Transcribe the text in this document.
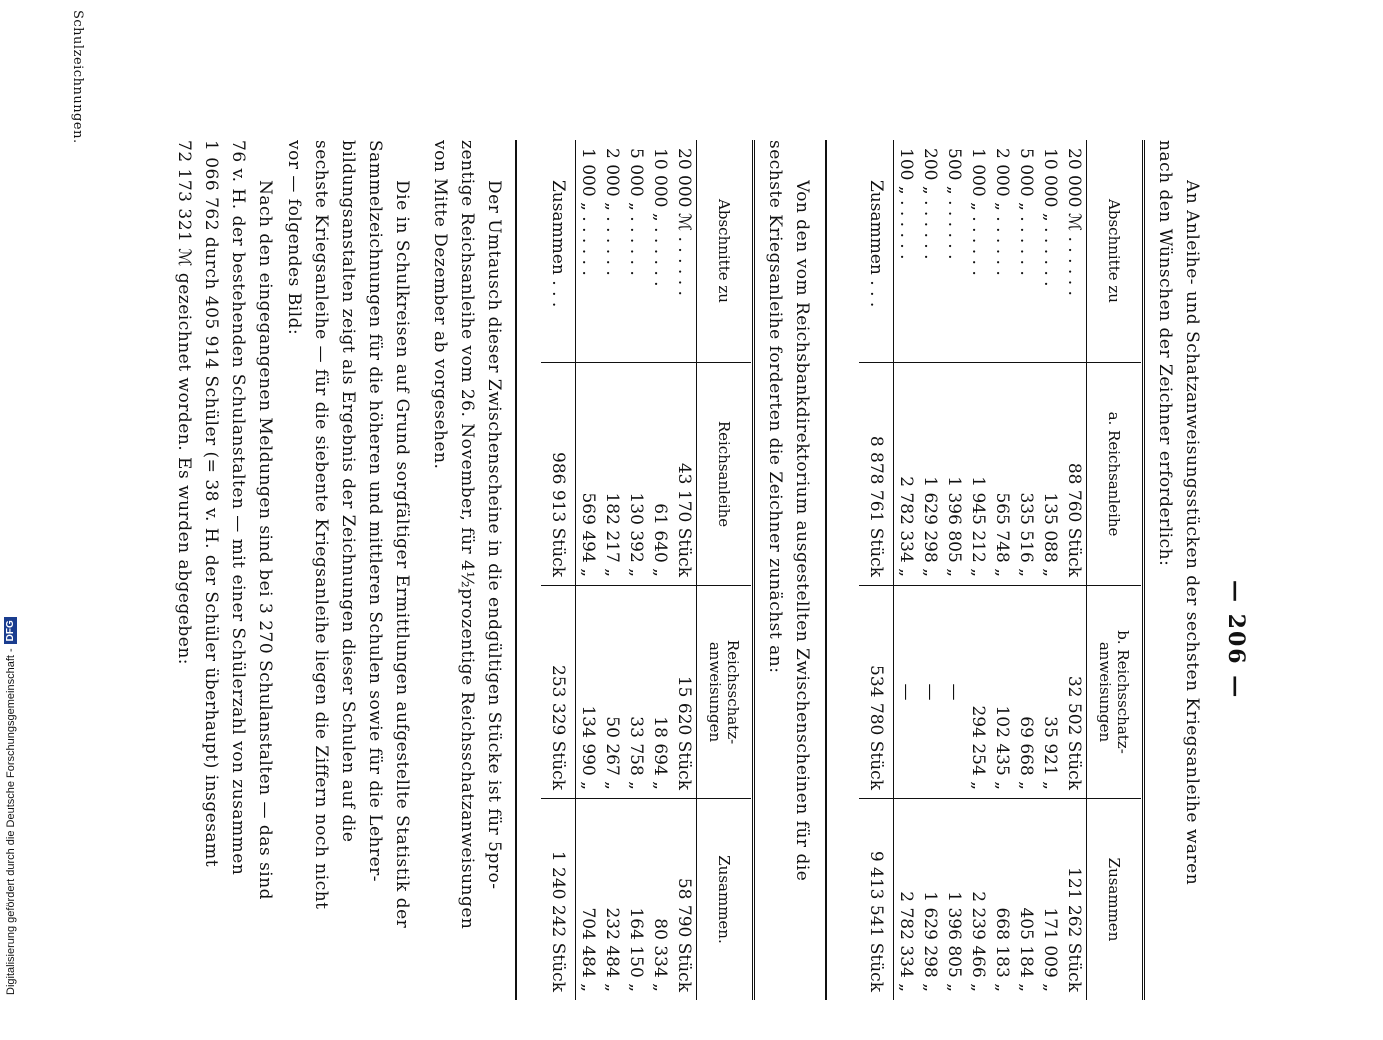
Digitalisierung gefördert durch die Deutsche Forschungsgemeinschaft -
DFG	— 206 —
An Anleihe- und Schatzanweisungsstücken der sechsten Kriegsanleihe waren
nach den Wünschen der Zeichner erforderlich:
Abschnitte zu	a. Reichsanleihe	b. Reichsschatz-anweisungen	Zusammen
20 000 ℳ . . . . . .	88 760 Stück	32 502 Stück	121 262 Stück
10 000 „ . . . . . .	135 088 „	35 921 „	171 009 „
5 000 „ . . . . . .	335 516 „	69 668 „	405 184 „
2 000 „ . . . . . .	565 748 „	102 435 „	668 183 „
1 000 „ . . . . . .	1 945 212 „	294 254 „	2 239 466 „
500 „ . . . . . .	1 396 805 „	—	1 396 805 „
200 „ . . . . . .	1 629 298 „	—	1 629 298 „
100 „ . . . . . .	2 782 334 „	—	2 782 334 „
Zusammen . . .	8 878 761 Stück	534 780 Stück	9 413 541 Stück
Von den vom Reichsbankdirektorium ausgestellten Zwischenscheinen für die
sechste Kriegsanleihe forderten die Zeichner zunächst an:
Abschnitte zu	Reichsanleihe	Reichsschatz-anweisungen	Zusammen.
20 000 ℳ . . . . . .	43 170 Stück	15 620 Stück	58 790 Stück
10 000 „ . . . . . .	61 640 „	18 694 „	80 334 „
5 000 „ . . . . . .	130 392 „	33 758 „	164 150 „
2 000 „ . . . . . .	182 217 „	50 267 „	232 484 „
1 000 „ . . . . . .	569 494 „	134 990 „	704 484 „
Zusammen . . .	986 913 Stück	253 329 Stück	1 240 242 Stück
Der Umtausch dieser Zwischenscheine in die endgültigen Stücke ist für 5pro-
zentige Reichsanleihe vom 26. November, für 4½prozentige Reichsschatzanweisungen
von Mitte Dezember ab vorgesehen.
Die in Schulkreisen auf Grund sorgfältiger Ermittlungen aufgestellte Statistik der
Sammelzeichnungen für die höheren und mittleren Schulen sowie für die Lehrer-
bildungsanstalten zeigt als Ergebnis der Zeichnungen dieser Schulen auf die
sechste Kriegsanleihe — für die siebente Kriegsanleihe liegen die Ziffern noch nicht
vor — folgendes Bild:
Nach den eingegangenen Meldungen sind bei 3 270 Schulanstalten — das sind
76 v. H. der bestehenden Schulanstalten — mit einer Schülerzahl von zusammen
1 066 762 durch 405 914 Schüler (= 38 v. H. der Schüler überhaupt) insgesamt
72 173 321 ℳ gezeichnet worden. Es wurden abgegeben:
Schulzeichnungen.
